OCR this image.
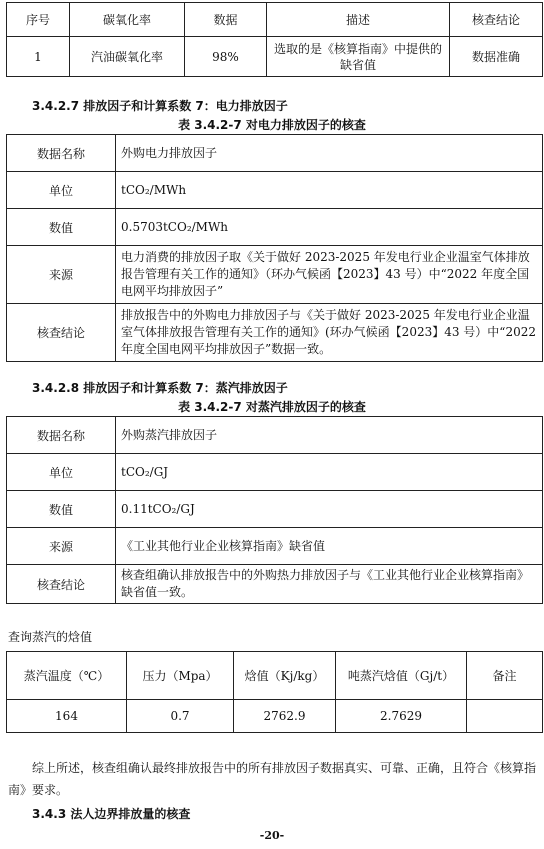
序号	碳氧化率	数据	描述	核查结论
1	汽油碳氧化率	98%	选取的是《核算指南》中提供的缺省值	数据准确
3.4.2.7 排放因子和计算系数 7：电力排放因子
表 3.4.2-7 对电力排放因子的核查
数据名称	外购电力排放因子
单位	tCO₂/MWh
数值	0.5703tCO₂/MWh
来源	电力消费的排放因子取《关于做好 2023-2025 年发电行业企业温室气体排放报告管理有关工作的通知》（环办气候函【2023】43 号）中“2022 年度全国电网平均排放因子”
核查结论	排放报告中的外购电力排放因子与《关于做好 2023-2025 年发电行业企业温室气体排放报告管理有关工作的通知》(环办气候函【2023】43 号）中“2022 年度全国电网平均排放因子”数据一致。
3.4.2.8 排放因子和计算系数 7：蒸汽排放因子
表 3.4.2-7 对蒸汽排放因子的核查
数据名称	外购蒸汽排放因子
单位	tCO₂/GJ
数值	0.11tCO₂/GJ
来源	《工业其他行业企业核算指南》缺省值
核查结论	核查组确认排放报告中的外购热力排放因子与《工业其他行业企业核算指南》缺省值一致。
查询蒸汽的焓值
蒸汽温度（℃）	压力（Mpa）	焓值（Kj/kg）	吨蒸汽焓值（Gj/t）	备注
164	0.7	2762.9	2.7629	

综上所述，核查组确认最终排放报告中的所有排放因子数据真实、可靠、正确，且符合《核算指南》要求。

3.4.3 法人边界排放量的核查
-20-
